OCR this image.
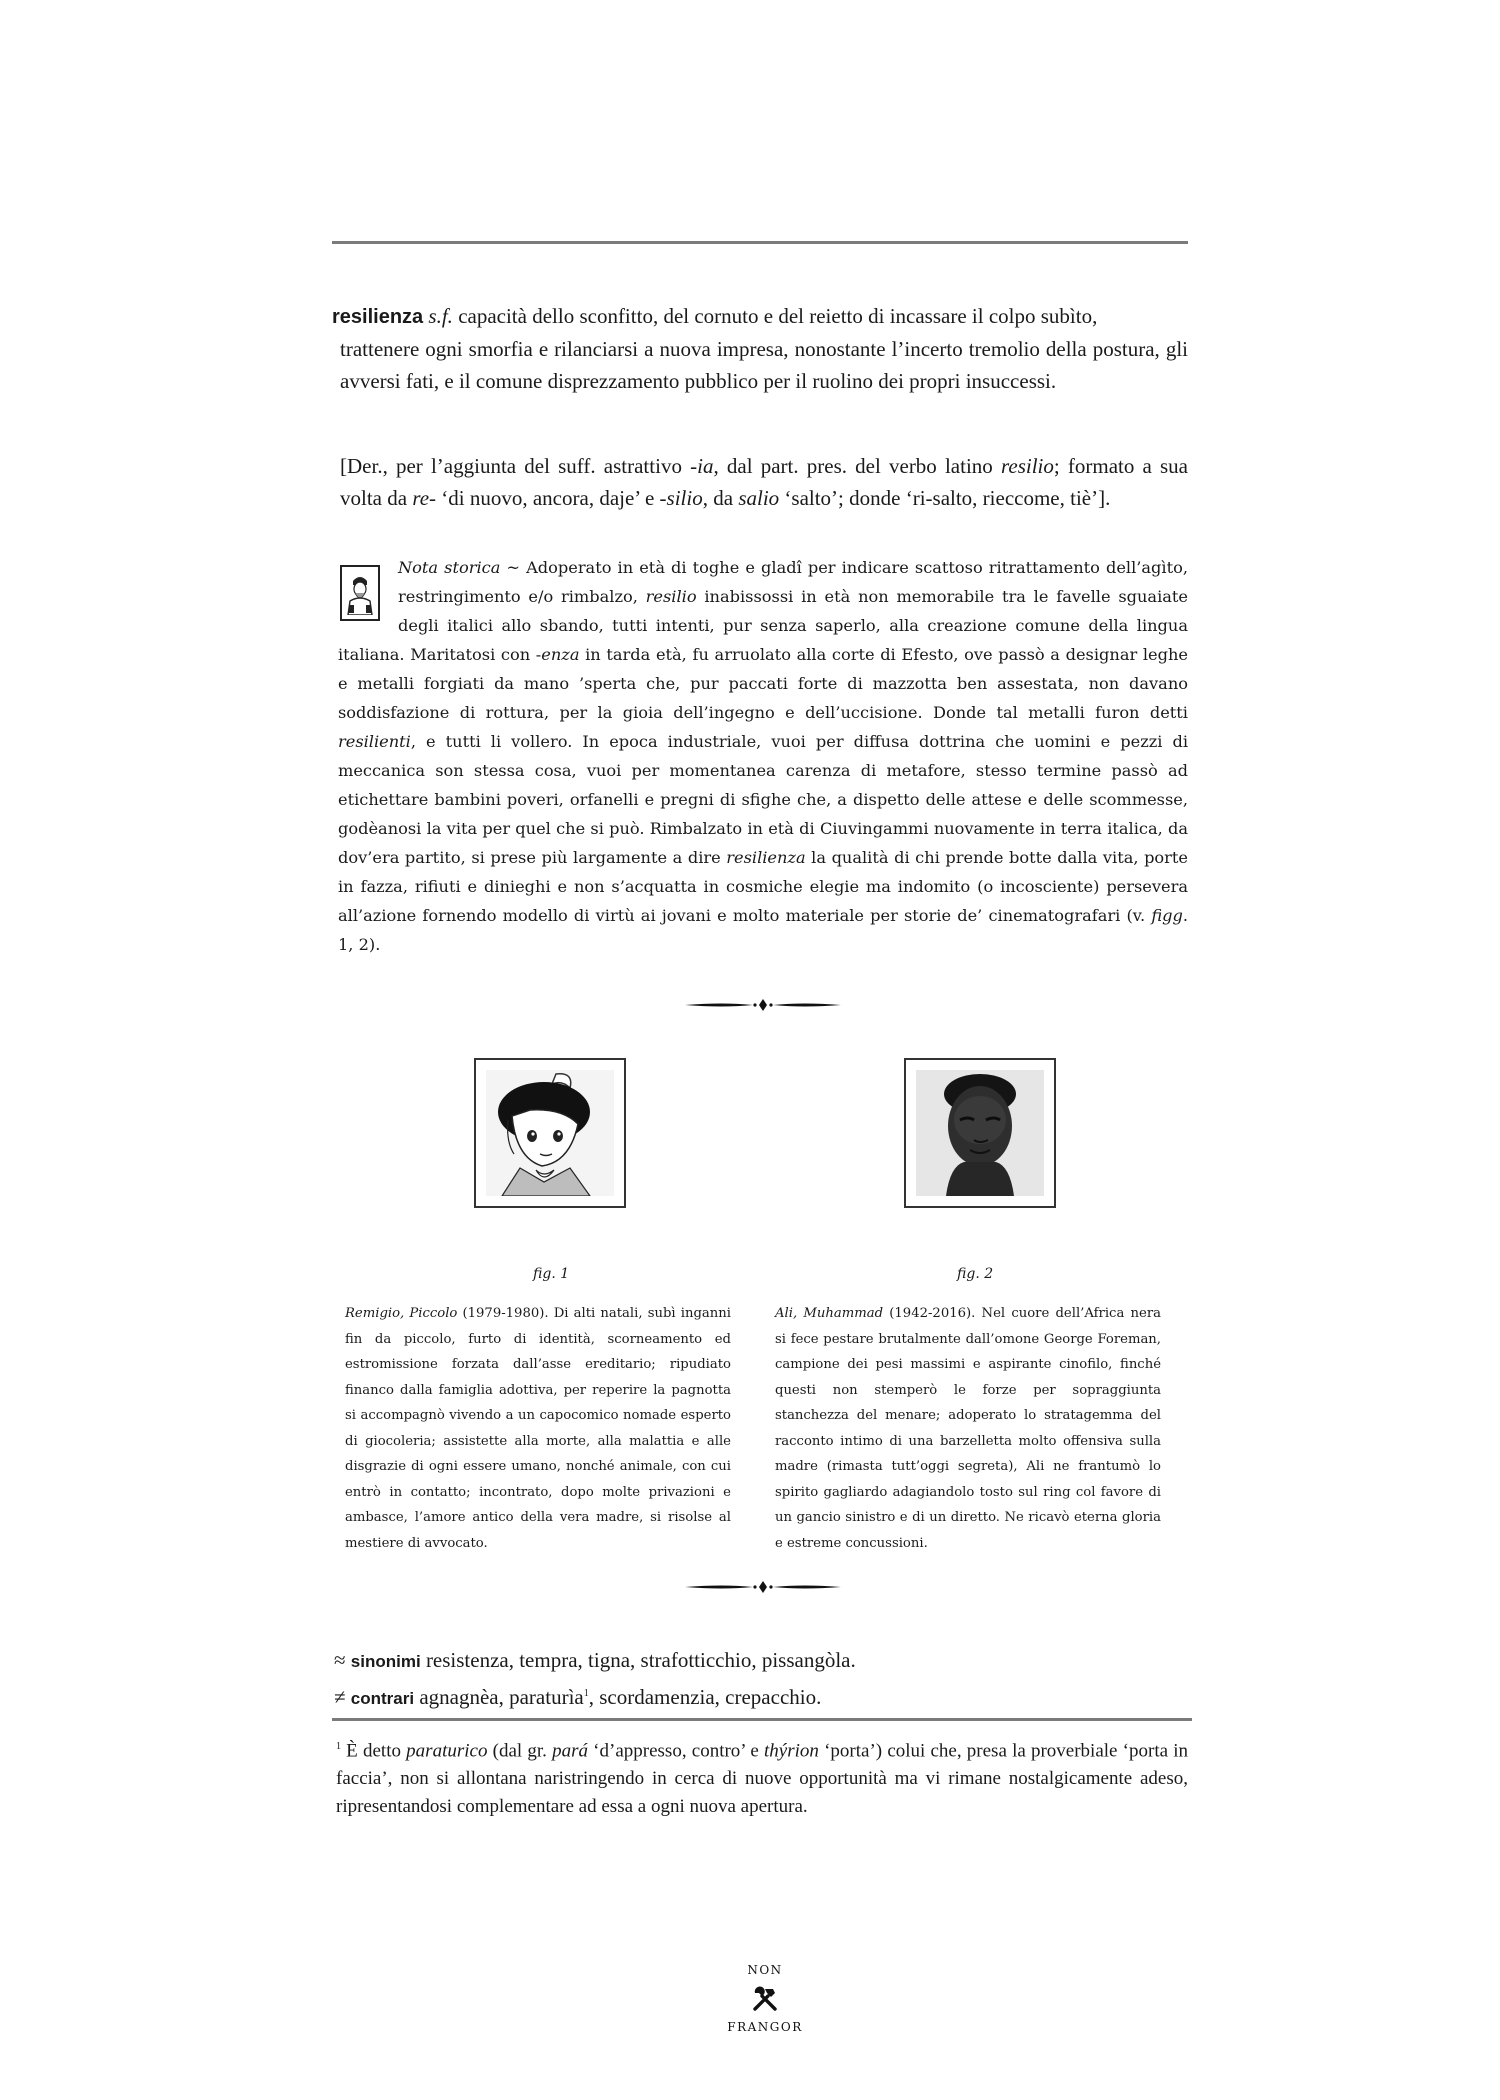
resilienza s.f. capacità dello sconfitto, del cornuto e del reietto di incassare il colpo subìto,
trattenere ogni smorfia e rilanciarsi a nuova impresa, nonostante l’incerto tremolio della postura, gli avversi fati, e il comune disprezzamento pubblico per il ruolino dei propri insuccessi.
[Der., per l’aggiunta del suff. astrattivo -ia, dal part. pres. del verbo latino resilio; formato a sua volta da re- ‘di nuovo, ancora, daje’ e -silio, da salio ‘salto’; donde ‘ri-salto, rieccome, tiè’].
Nota storica ~ Adoperato in età di toghe e gladî per indicare scattoso ritrattamento dell’agìto, restringimento e/o rimbalzo, resilio inabissossi in età non memorabile tra le favelle sguaiate degli italici allo sbando, tutti intenti, pur senza saperlo, alla creazione comune della lingua italiana. Maritatosi con -enza in tarda età, fu arruolato alla corte di Efesto, ove passò a designar leghe e metalli forgiati da mano ’sperta che, pur paccati forte di mazzotta ben assestata, non davano soddisfazione di rottura, per la gioia dell’ingegno e dell’uccisione. Donde tal metalli furon detti resilienti, e tutti li vollero. In epoca industriale, vuoi per diffusa dottrina che uomini e pezzi di meccanica son stessa cosa, vuoi per momentanea carenza di metafore, stesso termine passò ad etichettare bambini poveri, orfanelli e pregni di sfighe che, a dispetto delle attese e delle scommesse, godèanosi la vita per quel che si può. Rimbalzato in età di Ciuvingammi nuovamente in terra italica, da dov’era partito, si prese più largamente a dire resilienza la qualità di chi prende botte dalla vita, porte in fazza, rifiuti e dinieghi e non s’acquatta in cosmiche elegie ma indomito (o incosciente) persevera all’azione fornendo modello di virtù ai jovani e molto materiale per storie de’ cinematografari (v. figg. 1, 2).
fig. 1	fig. 2
Remigio, Piccolo (1979-1980). Di alti natali, subì inganni fin da piccolo, furto di identità, scorneamento ed estromissione forzata dall’asse ereditario; ripudiato financo dalla famiglia adottiva, per reperire la pagnotta si accompagnò vivendo a un capocomico nomade esperto di giocoleria; assistette alla morte, alla malattia e alle disgrazie di ogni essere umano, nonché animale, con cui entrò in contatto; incontrato, dopo molte privazioni e ambasce, l’amore antico della vera madre, si risolse al mestiere di avvocato.
Ali, Muhammad (1942-2016). Nel cuore dell’Africa nera si fece pestare brutalmente dall’omone George Foreman, campione dei pesi massimi e aspirante cinofilo, finché questi non stemperò le forze per sopraggiunta stanchezza del menare; adoperato lo stratagemma del racconto intimo di una barzelletta molto offensiva sulla madre (rimasta tutt’oggi segreta), Ali ne frantumò lo spirito gagliardo adagiandolo tosto sul ring col favore di un gancio sinistro e di un diretto. Ne ricavò eterna gloria e estreme concussioni.
≈ sinonimi resistenza, tempra, tigna, strafotticchio, pissangòla.
≠ contrari agnagnèa, paraturìa$^1$, scordamenzia, crepacchio.
$^1$ È detto paraturico (dal gr. pará ‘d’appresso, contro’ e thýrion ‘porta’) colui che, presa la proverbiale ‘porta in faccia’, non si allontana naristringendo in cerca di nuove opportunità ma vi rimane nostalgicamente adeso, ripresentandosi complementare ad essa a ogni nuova apertura.
NON
FRANGOR
